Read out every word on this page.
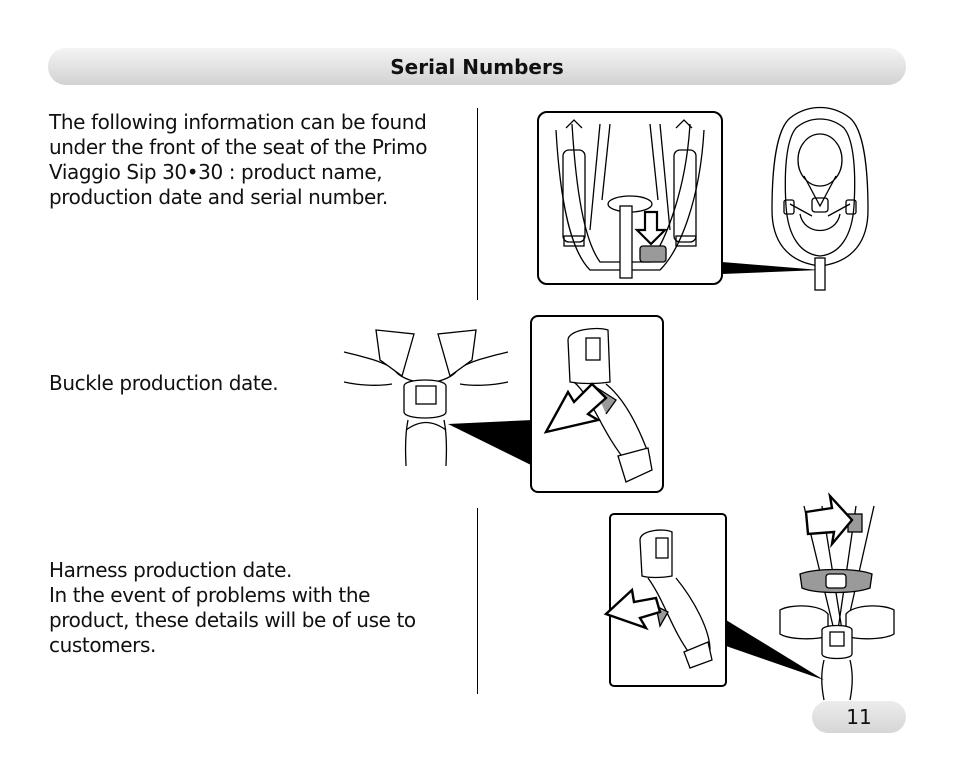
Serial Numbers
The following information can be found
under the front of the seat of the Primo
Viaggio Sip 30•30 : product name,
production date and serial number.
Buckle production date.
Harness production date.
In the event of problems with the
product, these details will be of use to
customers.
11
